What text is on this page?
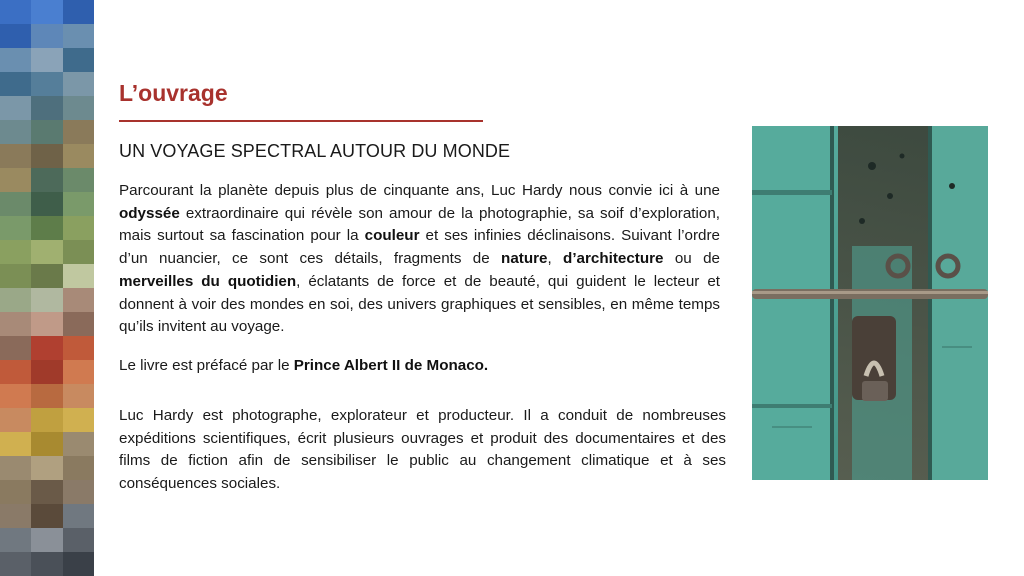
L’ouvrage
UN VOYAGE SPECTRAL AUTOUR DU MONDE

Parcourant la planète depuis plus de cinquante ans, Luc Hardy nous convie ici à une odyssée extraordinaire qui révèle son amour de la photographie, sa soif d’exploration, mais surtout sa fascination pour la couleur et ses infinies déclinaisons. Suivant l’ordre d’un nuancier, ce sont ces détails, fragments de nature, d’architecture ou de merveilles du quotidien, éclatants de force et de beauté, qui guident le lecteur et donnent à voir des mondes en soi, des univers graphiques et sensibles, en même temps qu’ils invitent au voyage.

Le livre est préfacé par le Prince Albert II de Monaco.

Luc Hardy est photographe, explorateur et producteur. Il a conduit de nombreuses expéditions scientifiques, écrit plusieurs ouvrages et produit des documentaires et des films de fiction afin de sensibiliser le public au changement climatique et à ses conséquences sociales.
